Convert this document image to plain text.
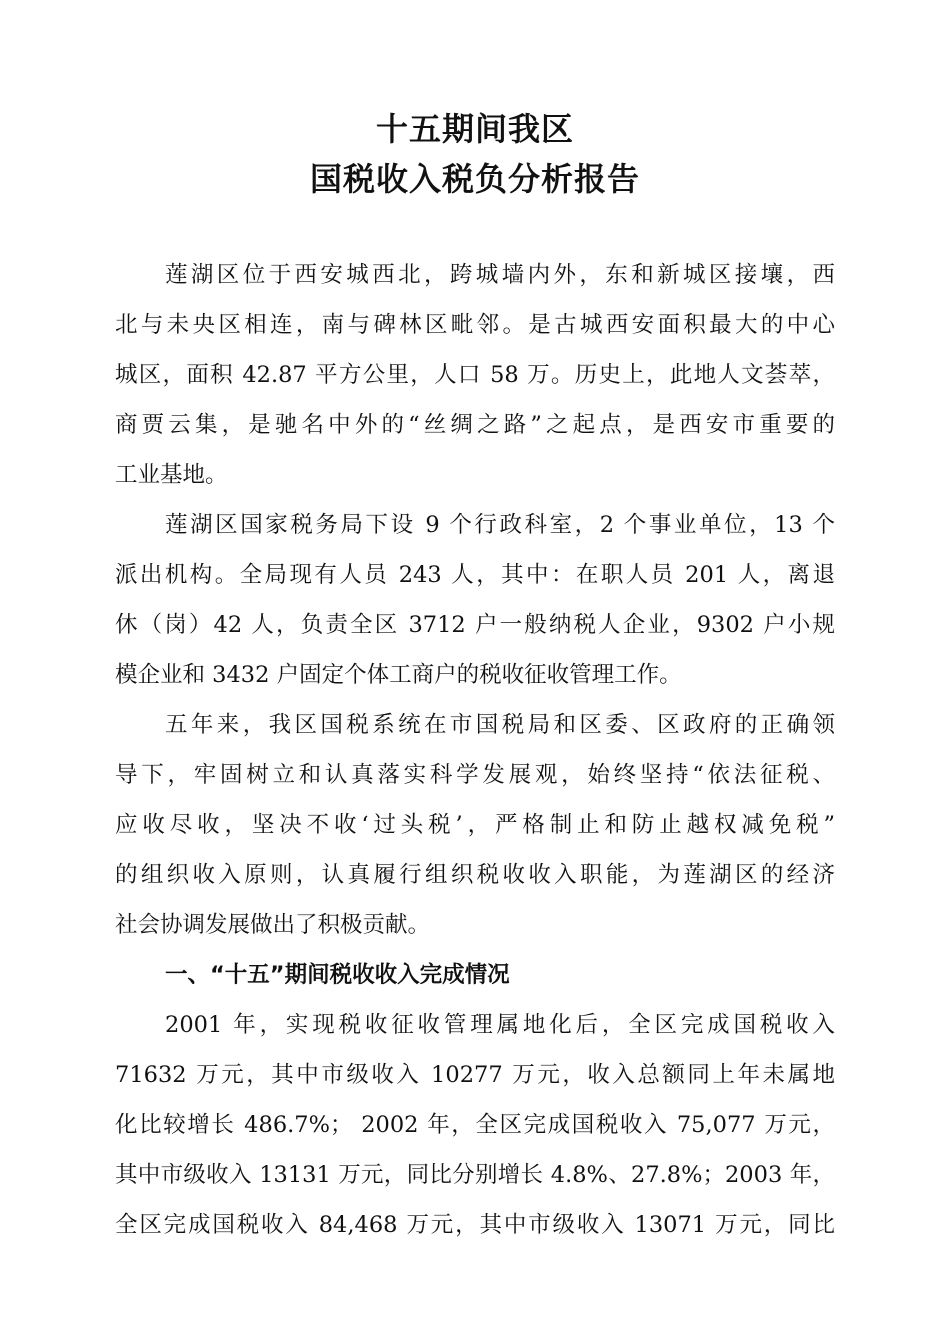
十五期间我区
国税收入税负分析报告
莲湖区位于西安城西北，跨城墙内外，东和新城区接壤，西
北与未央区相连，南与碑林区毗邻。是古城西安面积最大的中心
城区，面积 42.87 平方公里，人口 58 万。历史上，此地人文荟萃，
商贾云集，是驰名中外的“丝绸之路”之起点，是西安市重要的
工业基地。
莲湖区国家税务局下设 9 个行政科室，2 个事业单位，13 个
派出机构。全局现有人员 243 人，其中：在职人员 201 人，离退
休（岗）42 人，负责全区 3712 户一般纳税人企业，9302 户小规
模企业和 3432 户固定个体工商户的税收征收管理工作。
五年来，我区国税系统在市国税局和区委、区政府的正确领
导下，牢固树立和认真落实科学发展观，始终坚持“依法征税、
应收尽收，坚决不收‘过头税’，严格制止和防止越权减免税”
的组织收入原则，认真履行组织税收收入职能，为莲湖区的经济
社会协调发展做出了积极贡献。
一、“十五”期间税收收入完成情况
2001 年，实现税收征收管理属地化后，全区完成国税收入
71632 万元，其中市级收入 10277 万元，收入总额同上年未属地
化比较增长 486.7%； 2002 年，全区完成国税收入 75,077 万元，
其中市级收入 13131 万元，同比分别增长 4.8%、27.8%；2003 年，
全区完成国税收入 84,468 万元，其中市级收入 13071 万元，同比
